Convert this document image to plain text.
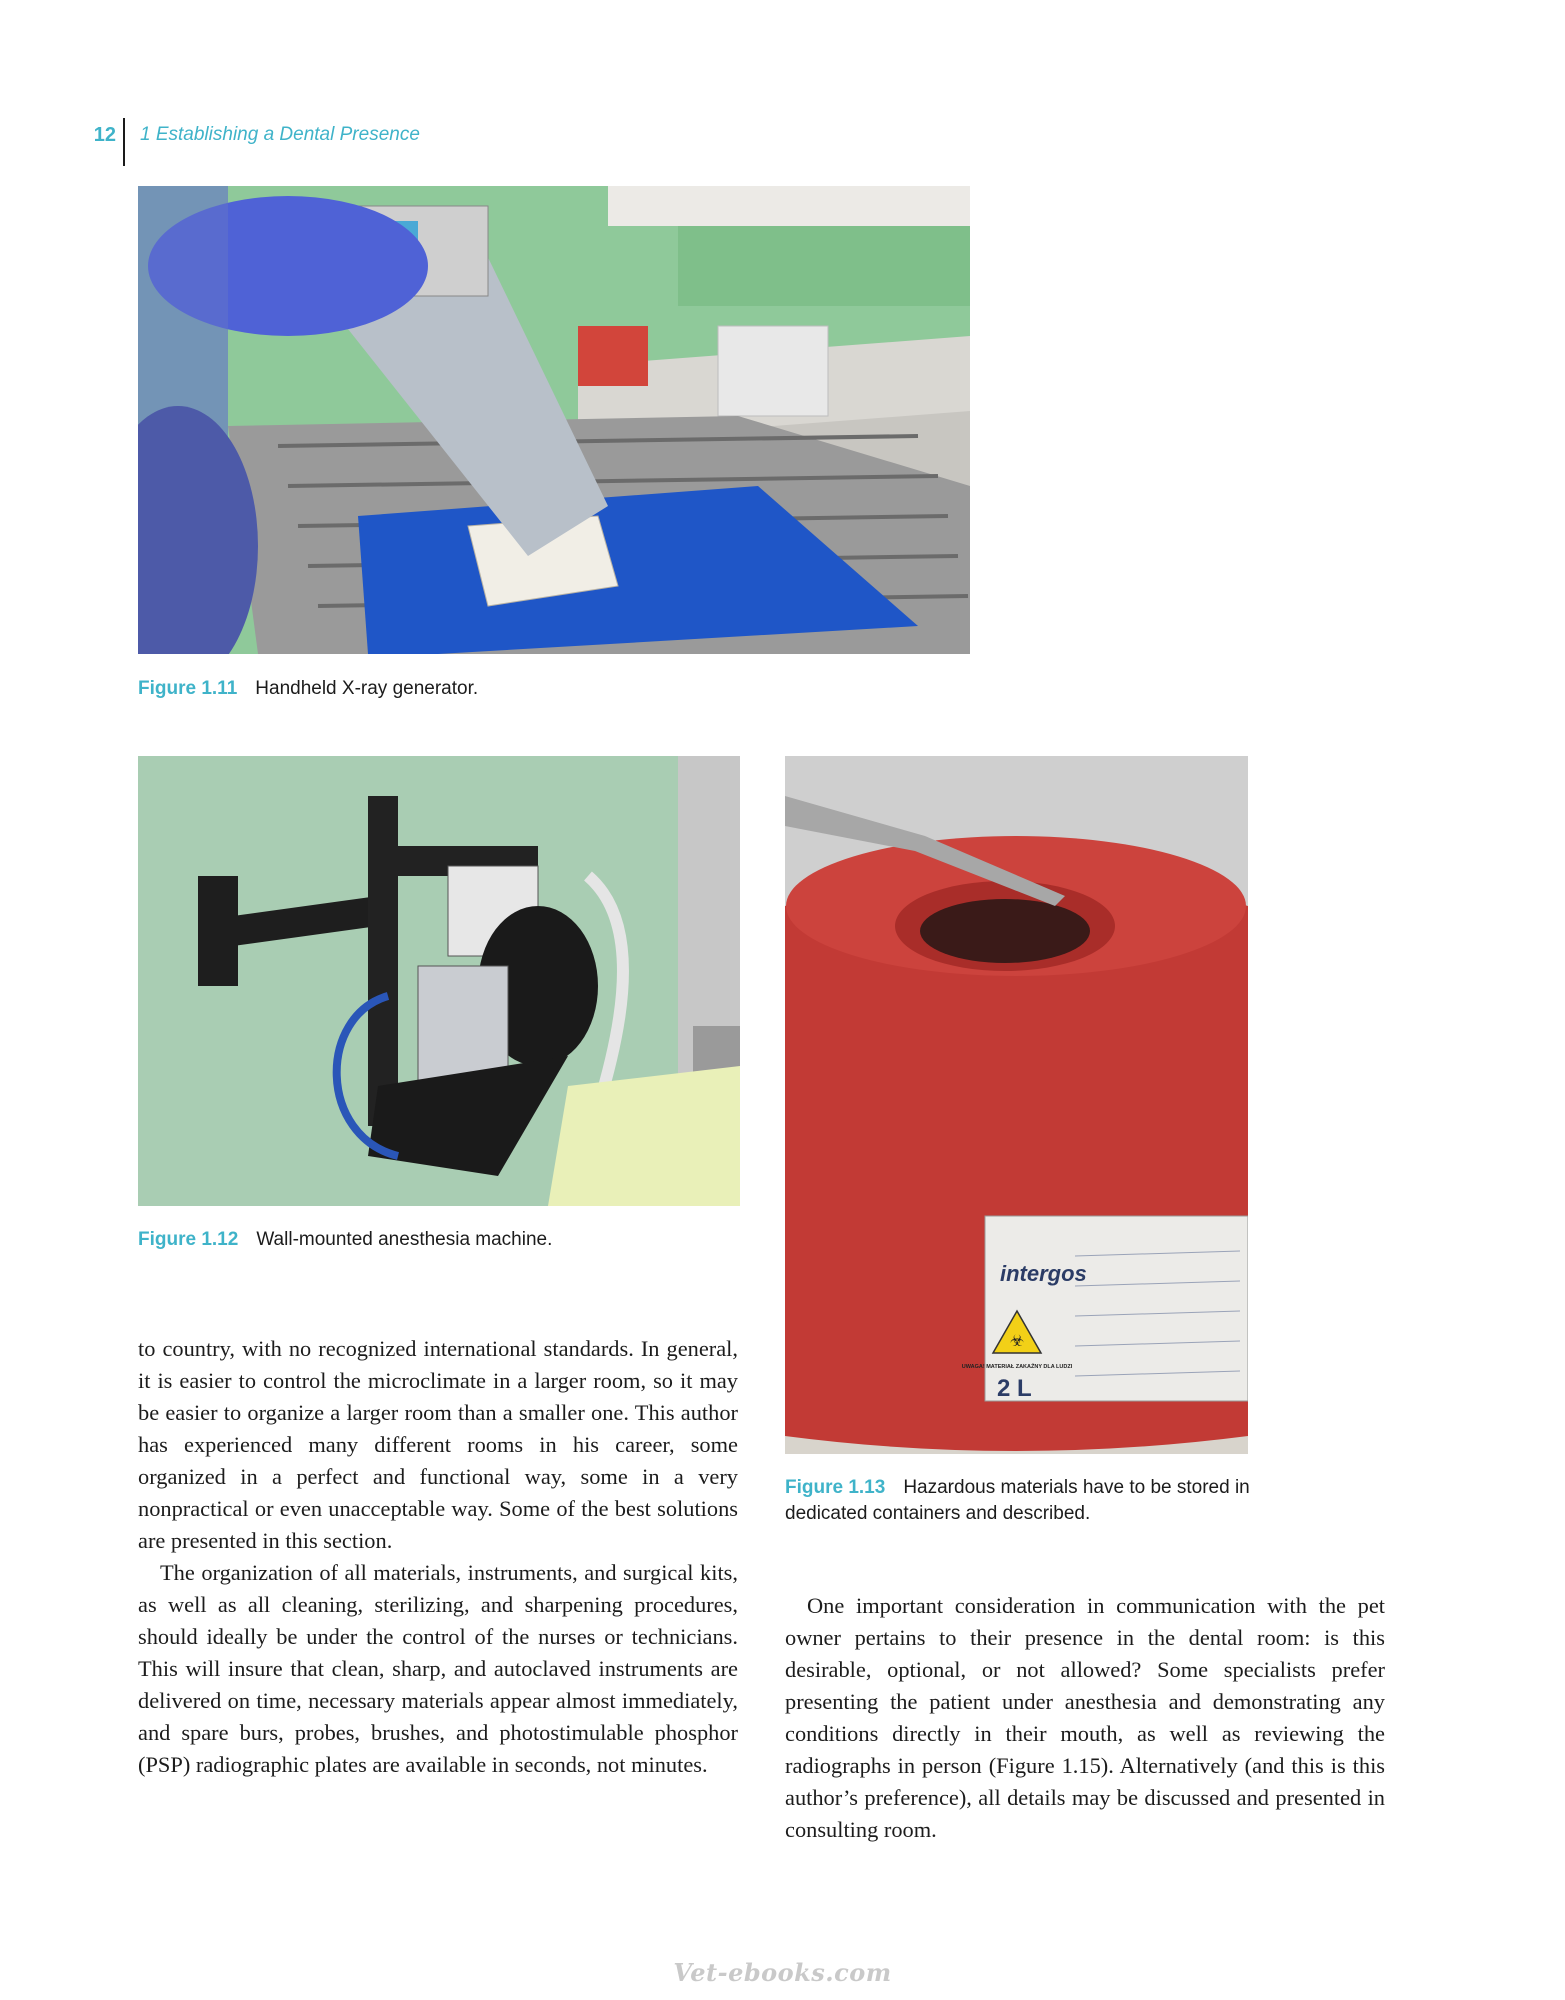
12 1 Establishing a Dental Presence
Figure 1.11 Handheld X-ray generator.
Figure 1.12 Wall-mounted anesthesia machine.
intergos
☣
UWAGA! MATERIAŁ ZAKAŹNY DLA LUDZI
2 L
Figure 1.13 Hazardous materials have to be stored in dedicated containers and described.

to country, with no recognized international standards. In general, it is easier to control the microclimate in a larger room, so it may be easier to organize a larger room than a smaller one. This author has experienced many different rooms in his career, some organized in a perfect and functional way, some in a very nonpractical or even unacceptable way. Some of the best solutions are presented in this section.

The organization of all materials, instruments, and surgical kits, as well as all cleaning, sterilizing, and sharpening procedures, should ideally be under the control of the nurses or technicians. This will insure that clean, sharp, and autoclaved instruments are delivered on time, necessary materials appear almost immediately, and spare burs, probes, brushes, and photostimulable phosphor (PSP) radiographic plates are available in seconds, not minutes.

One important consideration in communication with the pet owner pertains to their presence in the dental room: is this desirable, optional, or not allowed? Some specialists prefer presenting the patient under anesthesia and demonstrating any conditions directly in their mouth, as well as reviewing the radiographs in person (Figure 1.15). Alternatively (and this is this author’s preference), all details may be discussed and presented in consulting room.

Vet-ebooks.com
